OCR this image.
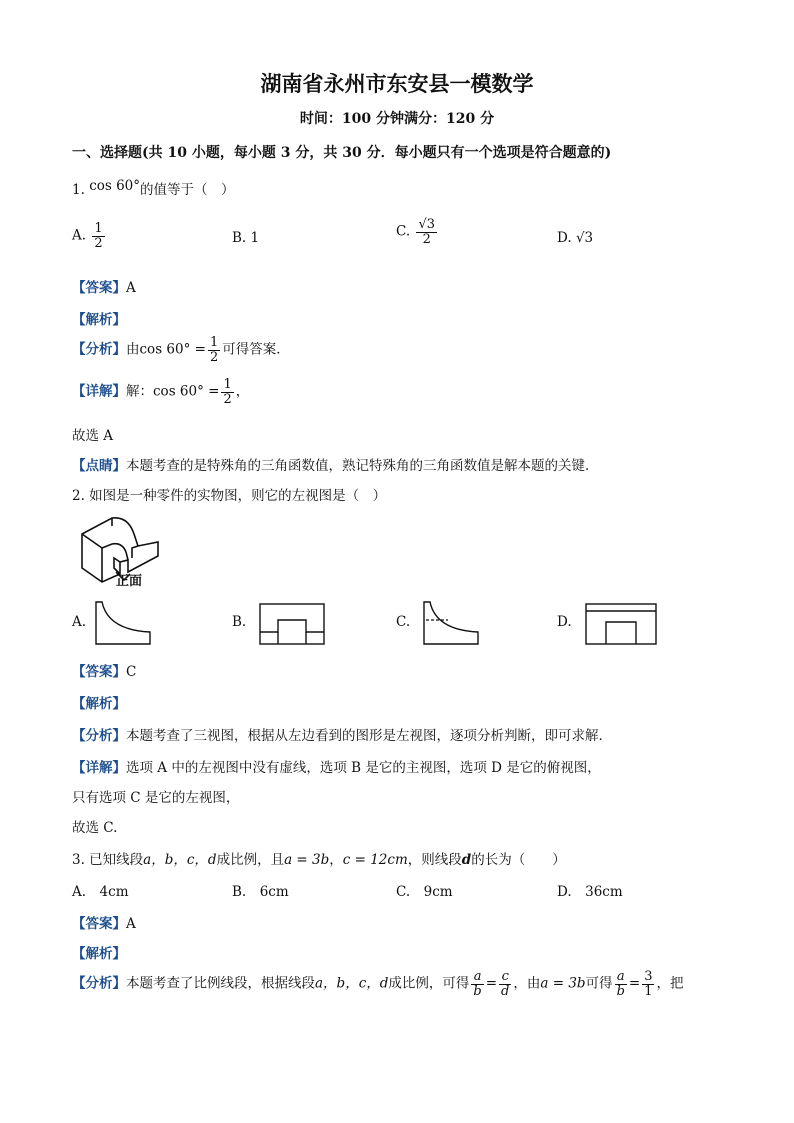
湖南省永州市东安县一模数学
时间：100 分钟满分：120 分
一、选择题(共 10 小题，每小题 3 分，共 30 分．每小题只有一个选项是符合题意的)
1. cos 60°的值等于（　）
A. $\frac{1}{2}$	B. 1	C. $\frac{√3}{2}$	D. √3
【答案】A
【解析】
【分析】由$\cos 60^\circ = \frac{1}{2}$ 可得答案．
【详解】解：$\cos 60^\circ = \frac{1}{2}$ ，
故选 A
【点睛】本题考查的是特殊角的三角函数值，熟记特殊角的三角函数值是解本题的关键．
2. 如图是一种零件的实物图，则它的左视图是（　）
正面
A.	B.	C.	D.
【答案】C
【解析】
【分析】本题考查了三视图，根据从左边看到的图形是左视图，逐项分析判断，即可求解．
【详解】选项 A 中的左视图中没有虚线，选项 B 是它的主视图，选项 D 是它的俯视图，
只有选项 C 是它的左视图，
故选 C.
3. 已知线段a，b，c，d成比例，且a = 3b，c = 12cm，则线段d的长为（　　）
A.　4cm	B.　6cm	C.　9cm	D.　36cm
【答案】A
【解析】
【分析】本题考查了比例线段，根据线段a，b，c，d成比例，可得 $\frac{a}{b} = \frac{c}{d}$ ，由a = 3b可得 $\frac{a}{b} = \frac{3}{1}$ ，把
